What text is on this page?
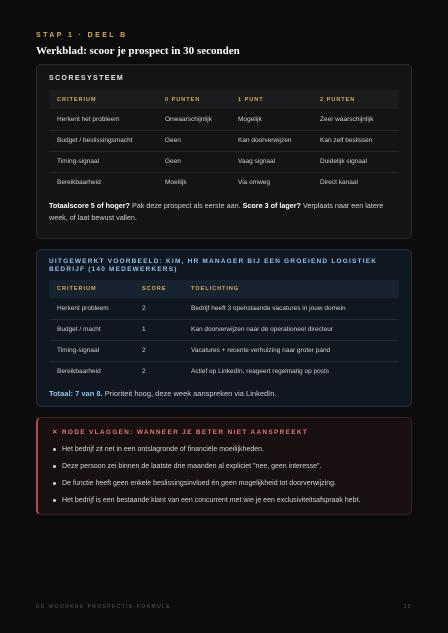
STAP 1 · DEEL B
Werkblad: scoor je prospect in 30 seconden
SCORESYSTEEM
CRITERIUM	0 PUNTEN	1 PUNT	2 PUNTEN
Herkent het probleem	Onwaarschijnlijk	Mogelijk	Zeer waarschijnlijk
Budget / beslissingsmacht	Geen	Kan doorverwijzen	Kan zelf beslissen
Timing-signaal	Geen	Vaag signaal	Duidelijk signaal
Bereikbaarheid	Moeilijk	Via omweg	Direct kanaal

Totaalscore 5 of hoger? Pak deze prospect als eerste aan. Score 3 of lager? Verplaats naar een latere week, of laat bewust vallen.

UITGEWERKT VOORBEELD: KIM, HR MANAGER BIJ EEN GROEIEND LOGISTIEK BEDRIJF (140 MEDEWERKERS)
CRITERIUM	SCORE	TOELICHTING
Herkent probleem	2	Bedrijf heeft 3 openstaande vacatures in jouw domein
Budget / macht	1	Kan doorverwijzen naar de operationeel directeur
Timing-signaal	2	Vacatures + recente verhuizing naar groter pand
Bereikbaarheid	2	Actief op LinkedIn, reageert regelmatig op posts

Totaal: 7 van 8. Prioriteit hoog, deze week aanspreken via LinkedIn.

✕ RODE VLAGGEN: WANNEER JE BETER NIET AANSPREEKT
Het bedrijf zit net in een ontslagronde of financiële moeilijkheden.
Deze persoon zei binnen de laatste drie maanden al expliciet "nee, geen interesse".
De functie heeft geen enkele beslissingsinvloed én geen mogelijkheid tot doorverwijzing.
Het bedrijf is een bestaande klant van een concurrent met wie je een exclusiviteitsafspraak hebt.
DE WOORKRE PROSPECTIE-FORMULE	10
